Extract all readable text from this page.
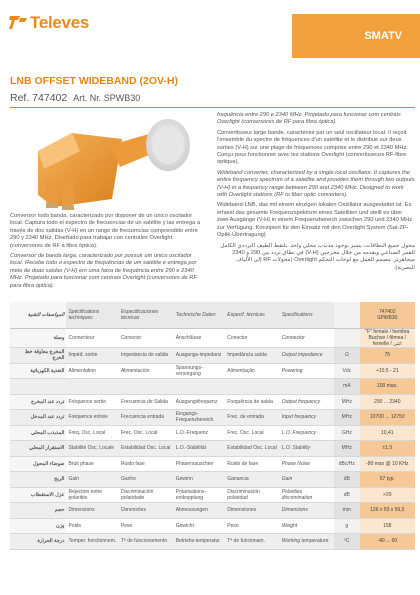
Televes
SMATV
LNB OFFSET WIDEBAND (2OV-H)
Ref. 747402 Art. Nr. SPWB30

Conversor todo banda, caracterizado por disponer de un único oscilador local. Captura todo el espectro de frecuencias de un satélite y las entrega a través de dos salidas (V-H) en un rango de frecuencias comprendido entre 290 y 2340 MHz. Diseñado para trabajar con centrales Overlight (conversores de RF a fibra óptica).

Conversor de banda larga, caracterizado por possuir um único oscilador local. Recebe todo o espectro de frequências de um satélite e entrega por meio de duas saídas (V-H) em uma faixa de frequência entre 290 e 2340 MHz. Projetado para funcionar com centrais Overlight (conversores de RF para fibra óptica).

frequência entre 290 e 2340 MHz. Projetado para funcionar com centrais Overlight (conversores de RF para fibra óptica).

Convertisseur large bande, caractérisé par un seul oscillateur local. Il reçoit l'ensemble du spectre de fréquences d'un satellite et le distribue sur deux sorties (V-H) sur une plage de fréquences comprise entre 290 et 2340 MHz. Conçu pour fonctionner avec les stations Overlight (convertisseurs RF-fibre optique).

Wideband converter, characterized by a single local oscillator. It captures the entire frequency spectrum of a satellite and provides them through two outputs (V-H) in a frequency range between 290 and 2340 MHz. Designed to work with Overlight stations (RF to fiber optic converters).

Wideband-LNB, das mit einem einzigen lokalen Oszillator ausgestattet ist. Es erfasst das gesamte Frequenzspektrum eines Satelliten und stellt es über zwei Ausgänge (V-H) in einem Frequenzbereich zwischen 290 und 2340 MHz zur Verfügung. Konzipiert für den Einsatz mit den Overlight System (Sat-ZF-Optik-Übertragung)

محول جميع النطاقات، يتميز بوجود مذبذب محلي واحد. يلتقط الطيف الترددي الكامل للقمر الصناعي ويقدمه من خلال مخرجين (V-H) في نطاق تردد بين 290 و 2340 ميجاهرتز. مصمم للعمل مع لوحات التحكم Overlight (محولات RF إلى الألياف البصرية).

المواصفات التقنية	Spécifications techniques	Especificaciones técnicas	Technische Daten	Especif. técnicas	Specifications		747402
SPWB30
وصلة	Connecteur	Conector	Anschlüsse	Conector	Connector		"F" female / hembra Buchse / fêmea / femelle / انثى
المخرج معاوقة خط الخرج	Impéd. sortie	Impedancia de salida	Ausgangs-impedanz	Impedância saída	Output impedance	Ω	75
التغذية الكهربائية	Alimentation	Alimentación	Spannungs-versorgung	Alimentação	Powering	Vdc	+10,5 - 21
						mA	100 max.
تردد عند المخرج	Fréquence sortie	Frecuencia de Salida	Ausgangsfrequenz	Frequência de saída	Output frequency	MHz	290 ... 2340
تردد عند المدخل	Fréquence entrée	Frecuencia entrada	Eingangs-Frequenzbereich	Frec. de entrada	Input frequency	MHz	10700 ... 12750
المذبذب المحلي	Fréq. Osc. Local	Frec. Osc. Local	L.O.-Frequenz	Frec. Osc. Local	L.O. Frequency	GHz	10,41
الاستقرار المحلي	Stabilité Osc. Locale	Estabilidad Osc. Local	L.O.-Stabilität	Estabilidad Osc. Local	L.O. Stability	MHz	±1,5
ضوضاء المحول	Bruit phase	Ruido fase	Phasenrauschen	Ruido de fase	Phase Noise	dBc/Hz	-80 max @ 10 KHz
الربح	Gain	Ganho	Gewinn	Ganancia	Gain	dB	57 typ.
عزل الاستقطاب	Réjection entre polarités	Discriminación polaridade	Polarisations-entkopplung	Discriminación polaridad	Polarities discrimination	dB	>20
حجم	Dimensions	Dimensões	Abmessungen	Dimensiones	Dimensions	mm	126 x 93 x 59,5
وزن	Poids	Peso	Gewicht	Peso	Weight	g	158
درجة الحرارة	Temper. fonctionnem.	Tª de funcionamento	Betriebs-temperatur	Tª de funcionam.	Working temperature	ºC	-40 ... 60
